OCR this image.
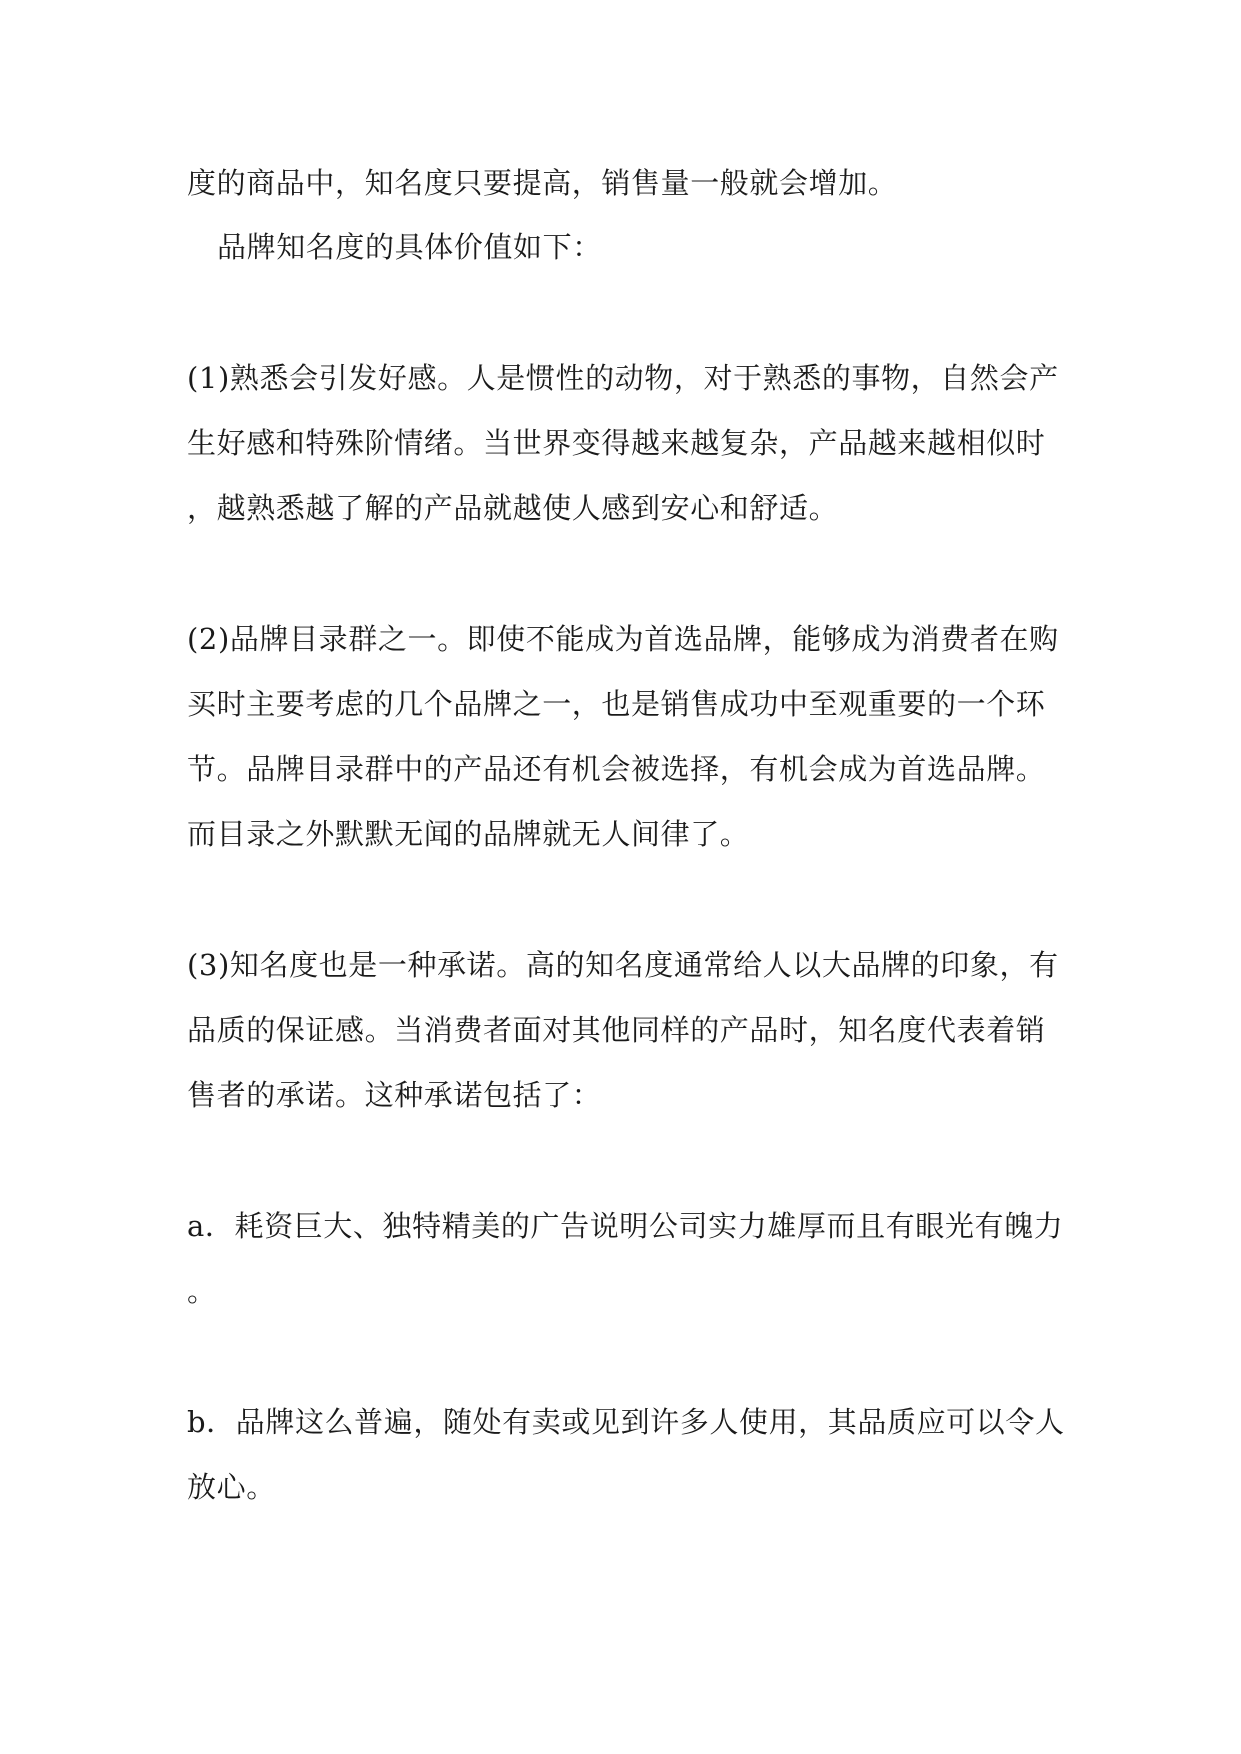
度的商品中，知名度只要提高，销售量一般就会增加。
品牌知名度的具体价值如下：
(1)熟悉会引发好感。人是惯性的动物，对于熟悉的事物，自然会产
生好感和特殊阶情绪。当世界变得越来越复杂，产品越来越相似时
，越熟悉越了解的产品就越使人感到安心和舒适。
(2)品牌目录群之一。即使不能成为首选品牌，能够成为消费者在购
买时主要考虑的几个品牌之一，也是销售成功中至观重要的一个环
节。品牌目录群中的产品还有机会被选择，有机会成为首选品牌。
而目录之外默默无闻的品牌就无人间律了。
(3)知名度也是一种承诺。高的知名度通常给人以大品牌的印象，有
品质的保证感。当消费者面对其他同样的产品时，知名度代表着销
售者的承诺。这种承诺包括了：
a．耗资巨大、独特精美的广告说明公司实力雄厚而且有眼光有魄力
。
b．品牌这么普遍，随处有卖或见到许多人使用，其品质应可以令人
放心。
